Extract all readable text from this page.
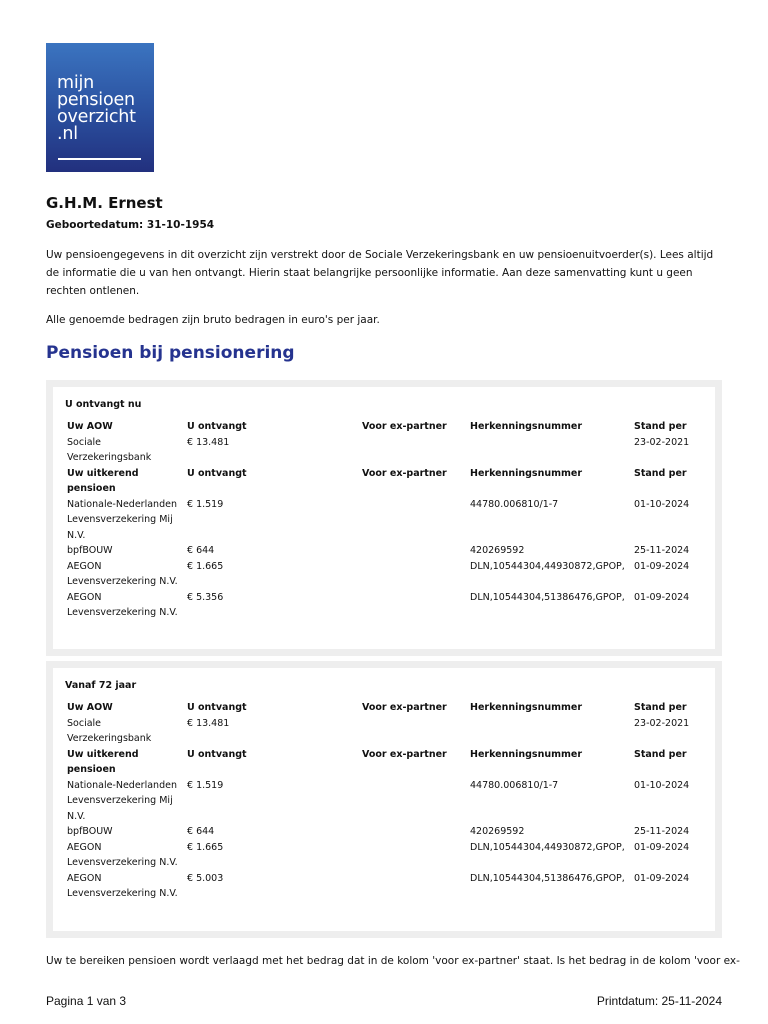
mijn
pensioen
overzicht
.nl
G.H.M. Ernest
Geboortedatum: 31-10-1954

Uw pensioengegevens in dit overzicht zijn verstrekt door de Sociale Verzekeringsbank en uw pensioenuitvoerder(s). Lees altijd de informatie die u van hen ontvangt. Hierin staat belangrijke persoonlijke informatie. Aan deze samenvatting kunt u geen rechten ontlenen.

Alle genoemde bedragen zijn bruto bedragen in euro's per jaar.

Pensioen bij pensionering
U ontvangt nu
Uw AOW	U ontvangt	Voor ex-partner	Herkenningsnummer	Stand per
Sociale Verzekeringsbank	€ 13.481			23-02-2021
Uw uitkerend pensioen	U ontvangt	Voor ex-partner	Herkenningsnummer	Stand per
Nationale-Nederlanden Levensverzekering Mij N.V.	€ 1.519		44780.006810/1-7	01-10-2024
bpfBOUW	€ 644		420269592	25-11-2024
AEGON Levensverzekering N.V.	€ 1.665		DLN,10544304,44930872,GPOP,	01-09-2024
AEGON Levensverzekering N.V.	€ 5.356		DLN,10544304,51386476,GPOP,	01-09-2024
Vanaf 72 jaar
Uw AOW	U ontvangt	Voor ex-partner	Herkenningsnummer	Stand per
Sociale Verzekeringsbank	€ 13.481			23-02-2021
Uw uitkerend pensioen	U ontvangt	Voor ex-partner	Herkenningsnummer	Stand per
Nationale-Nederlanden Levensverzekering Mij N.V.	€ 1.519		44780.006810/1-7	01-10-2024
bpfBOUW	€ 644		420269592	25-11-2024
AEGON Levensverzekering N.V.	€ 1.665		DLN,10544304,44930872,GPOP,	01-09-2024
AEGON Levensverzekering N.V.	€ 5.003		DLN,10544304,51386476,GPOP,	01-09-2024

Uw te bereiken pensioen wordt verlaagd met het bedrag dat in de kolom 'voor ex-partner' staat. Is het bedrag in de kolom 'voor ex-

Pagina 1 van 3	Printdatum: 25-11-2024
